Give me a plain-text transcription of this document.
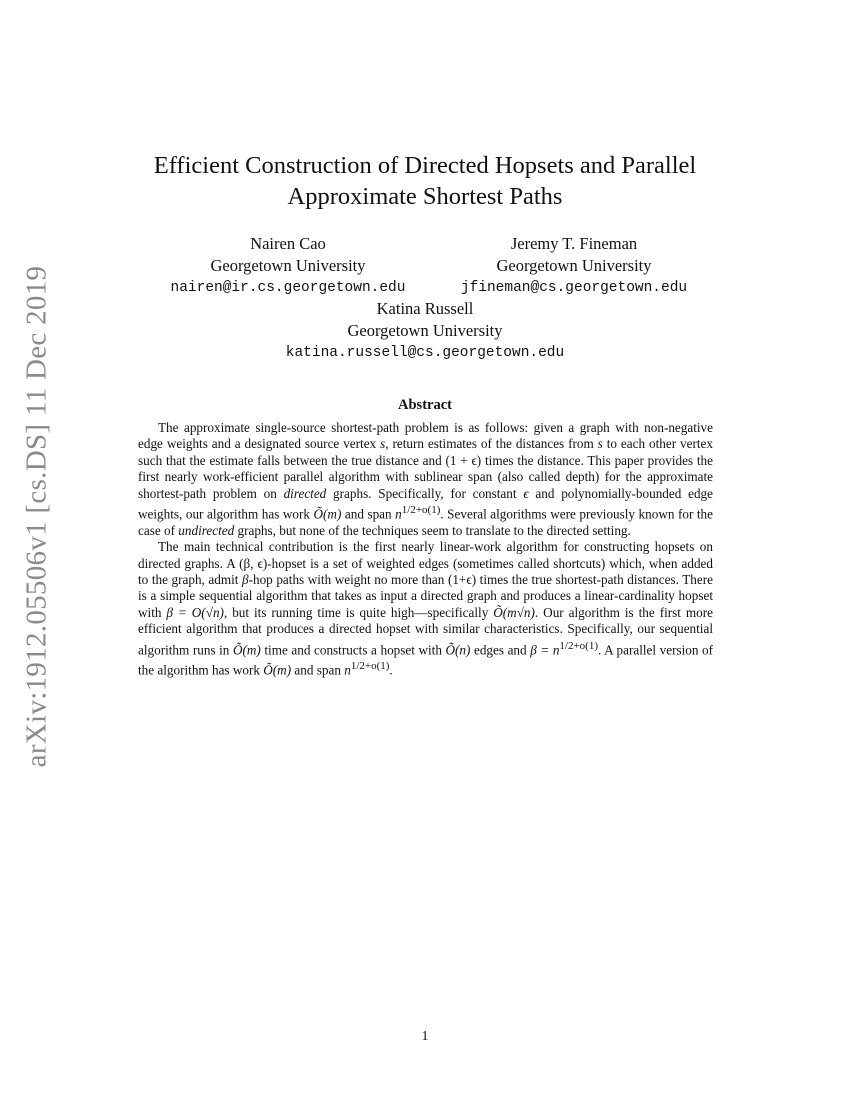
arXiv:1912.05506v1 [cs.DS] 11 Dec 2019
Efficient Construction of Directed Hopsets and Parallel
Approximate Shortest Paths
Nairen Cao
Georgetown University
nairen@ir.cs.georgetown.edu
Jeremy T. Fineman
Georgetown University
jfineman@cs.georgetown.edu
Katina Russell
Georgetown University
katina.russell@cs.georgetown.edu
Abstract

The approximate single-source shortest-path problem is as follows: given a graph with non-negative edge weights and a designated source vertex s, return estimates of the distances from s to each other vertex such that the estimate falls between the true distance and (1 + ϵ) times the distance. This paper provides the first nearly work-efficient parallel algorithm with sublinear span (also called depth) for the approximate shortest-path problem on directed graphs. Specifically, for constant ϵ and polynomially-bounded edge weights, our algorithm has work Õ(m) and span $n^{1/2+o(1)}$. Several algorithms were previously known for the case of undirected graphs, but none of the techniques seem to translate to the directed setting.

The main technical contribution is the first nearly linear-work algorithm for constructing hopsets on directed graphs. A (β, ϵ)-hopset is a set of weighted edges (sometimes called shortcuts) which, when added to the graph, admit β-hop paths with weight no more than (1+ϵ) times the true shortest-path distances. There is a simple sequential algorithm that takes as input a directed graph and produces a linear-cardinality hopset with β = O(√n), but its running time is quite high—specifically Õ(m√n). Our algorithm is the first more efficient algorithm that produces a directed hopset with similar characteristics. Specifically, our sequential algorithm runs in Õ(m) time and constructs a hopset with Õ(n) edges and $\beta = n^{1/2+o(1)}$. A parallel version of the algorithm has work Õ(m) and span $n^{1/2+o(1)}$.

1
